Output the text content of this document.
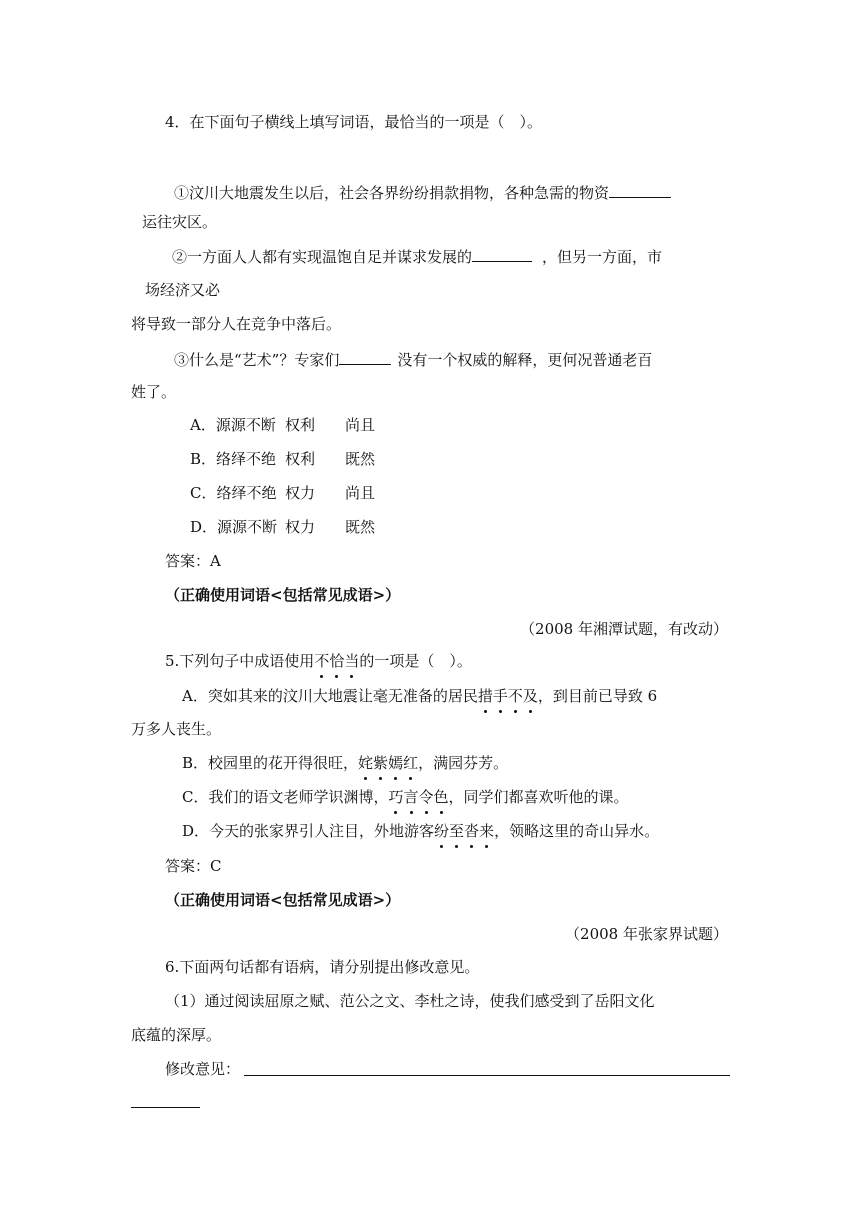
4．在下面句子横线上填写词语，最恰当的一项是（　）。
①汶川大地震发生以后，社会各界纷纷捐款捐物，各种急需的物资
运往灾区。
②一方面人人都有实现温饱自足并谋求发展的	，但另一方面，市
场经济又必
将导致一部分人在竞争中落后。
③什么是“艺术”？专家们	没有一个权威的解释，更何况普通老百
姓了。
A．源源不断 权利 尚且
B．络绎不绝 权利 既然
C．络绎不绝 权力 尚且
D．源源不断 权力 既然
答案：A
（正确使用词语<包括常见成语>）
（2008 年湘潭试题，有改动）
5.下列句子中成语使用不恰当的一项是（　）。
A．突如其来的汶川大地震让毫无准备的居民措手不及，到目前已导致 6
万多人丧生。
B．校园里的花开得很旺，姹紫嫣红，满园芬芳。
C．我们的语文老师学识渊博，巧言令色，同学们都喜欢听他的课。
D．今天的张家界引人注目，外地游客纷至沓来，领略这里的奇山异水。
答案：C
（正确使用词语<包括常见成语>）
（2008 年张家界试题）
6.下面两句话都有语病，请分别提出修改意见。
（1）通过阅读屈原之赋、范公之文、李杜之诗，使我们感受到了岳阳文化
底蕴的深厚。
修改意见：
